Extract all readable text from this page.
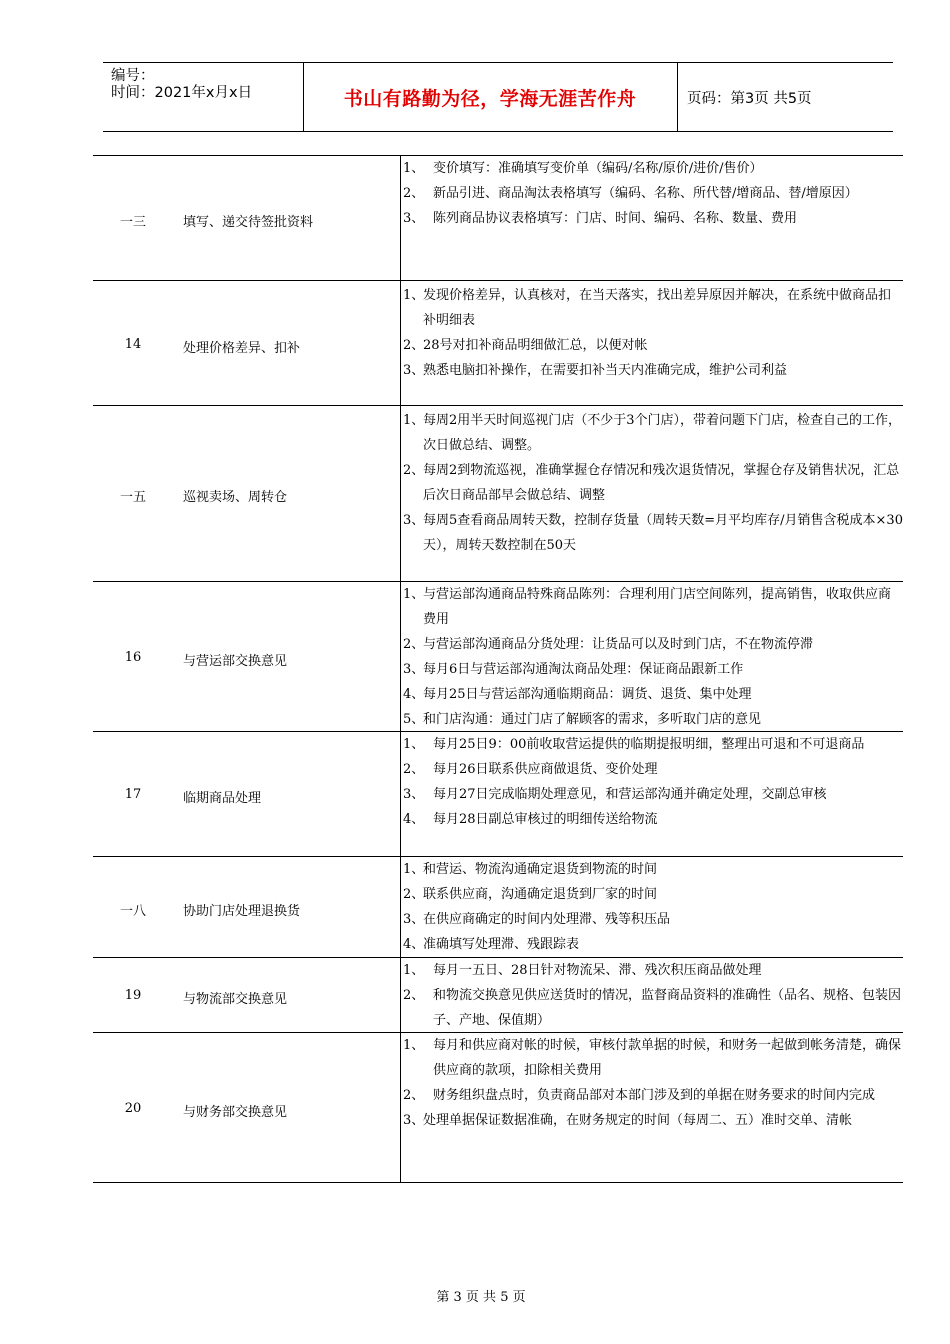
编号：
时间：2021年x月x日	书山有路勤为径，学海无涯苦作舟	页码：第3页 共5页
一三	填写、递交待签批资料
1、 变价填写：准确填写变价单（编码/名称/原价/进价/售价）
2、 新品引进、商品淘汰表格填写（编码、名称、所代替/增商品、替/增原因）
3、 陈列商品协议表格填写：门店、时间、编码、名称、数量、费用
14	处理价格差异、扣补
1、
发现价格差异，认真核对，在当天落实，找出差异原因并解决，在系统中做商品扣补明细表
2、
28号对扣补商品明细做汇总，以便对帐
3、
熟悉电脑扣补操作，在需要扣补当天内准确完成，维护公司利益
一五	巡视卖场、周转仓
1、
每周2用半天时间巡视门店（不少于3个门店），带着问题下门店，检查自己的工作，次日做总结、调整。
2、
每周2到物流巡视，准确掌握仓存情况和残次退货情况，掌握仓存及销售状况，汇总后次日商品部早会做总结、调整
3、
每周5查看商品周转天数，控制存货量（周转天数=月平均库存/月销售含税成本×30天），周转天数控制在50天
16	与营运部交换意见
1、
与营运部沟通商品特殊商品陈列：合理利用门店空间陈列，提高销售，收取供应商费用
2、
与营运部沟通商品分货处理：让货品可以及时到门店，不在物流停滞
3、
每月6日与营运部沟通淘汰商品处理：保证商品跟新工作
4、
每月25日与营运部沟通临期商品：调货、退货、集中处理
5、
和门店沟通：通过门店了解顾客的需求，多听取门店的意见
17	临期商品处理
1、 每月25日9：00前收取营运提供的临期提报明细，整理出可退和不可退商品
2、 每月26日联系供应商做退货、变价处理
3、 每月27日完成临期处理意见，和营运部沟通并确定处理，交副总审核
4、 每月28日副总审核过的明细传送给物流
一八	协助门店处理退换货
1、
和营运、物流沟通确定退货到物流的时间
2、
联系供应商，沟通确定退货到厂家的时间
3、
在供应商确定的时间内处理滞、残等积压品
4、
准确填写处理滞、残跟踪表
19	与物流部交换意见
1、 每月一五日、28日针对物流呆、滞、残次积压商品做处理
2、 和物流交换意见供应送货时的情况，监督商品资料的准确性（品名、规格、包装因子、产地、保值期）
20	与财务部交换意见
1、 每月和供应商对帐的时候，审核付款单据的时候，和财务一起做到帐务清楚，确保供应商的款项，扣除相关费用
2、 财务组织盘点时，负责商品部对本部门涉及到的单据在财务要求的时间内完成
3、
处理单据保证数据准确，在财务规定的时间（每周二、五）准时交单、清帐
第 3 页 共 5 页
